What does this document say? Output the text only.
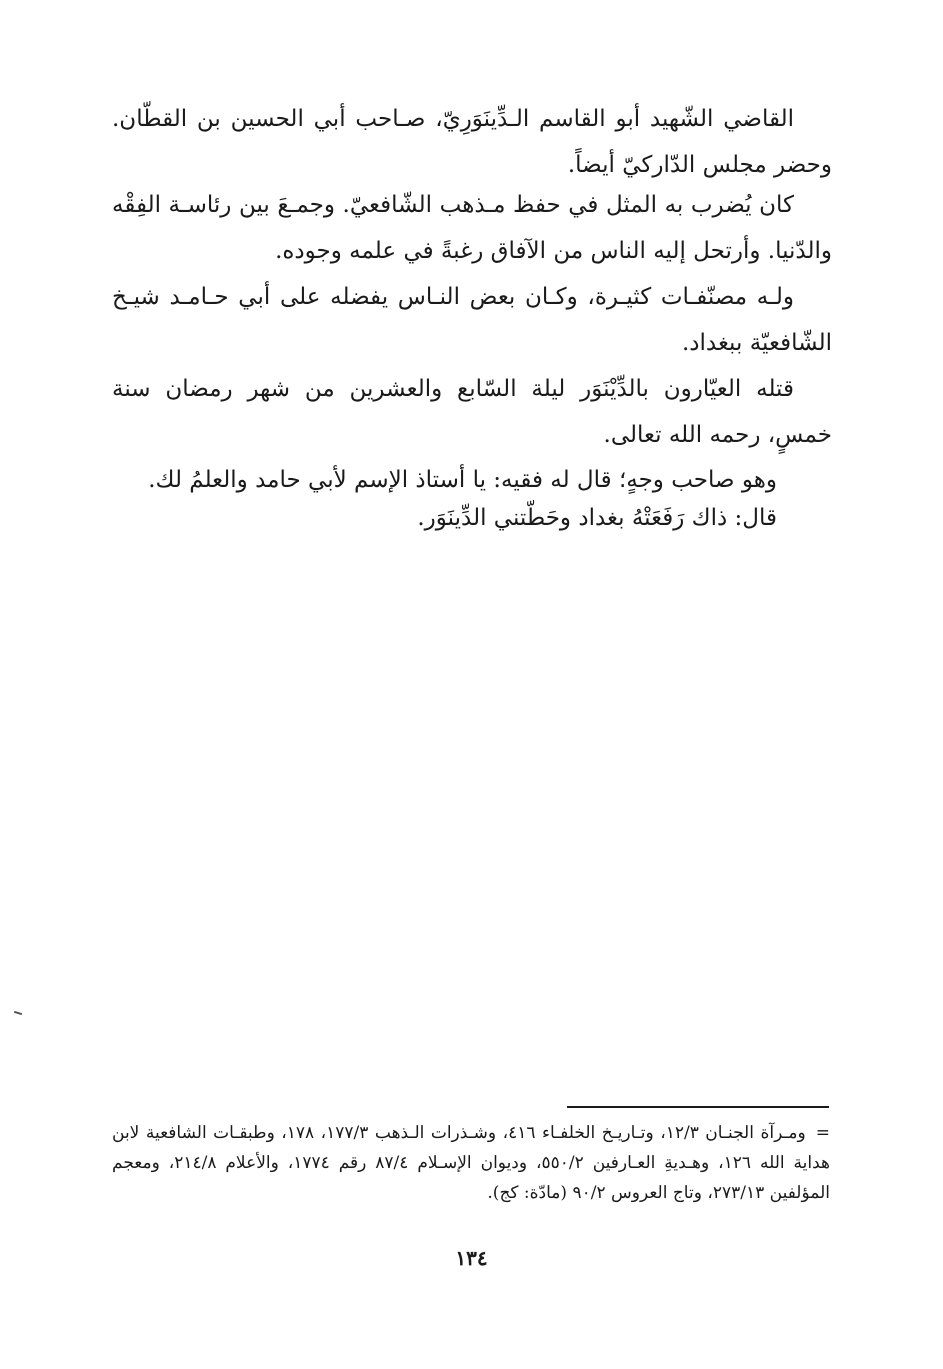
القاضي الشّهيد أبو القاسم الـدِّينَوَرِيّ، صـاحب أبي الحسين بن القطّان. وحضر مجلس الدّاركيّ أيضاً.

كان يُضرب به المثل في حفظ مـذهب الشّافعيّ. وجمـعَ بين رئاسـة الفِقْه والدّنيا. وأرتحل إليه الناس من الآفاق رغبةً في علمه وجوده.

ولـه مصنّفـات كثيـرة، وكـان بعض النـاس يفضله على أبي حـامـد شيـخ الشّافعيّة ببغداد.

قتله العيّارون بالدِّيْنَوَر ليلة السّابع والعشرين من شهر رمضان سنة خمسٍ، رحمه الله تعالى.

وهو صاحب وجهٍ؛ قال له فقيه: يا أستاذ الإسم لأبي حامد والعلمُ لك.
قال: ذاك رَفَعَتْهُ بغداد وحَطّتني الدِّينَوَر.
=ومـرآة الجنـان ١٢/٣، وتـاريـخ الخلفـاء ٤١٦، وشـذرات الـذهب ١٧٧/٣، ١٧٨، وطبقـات الشافعية لابن هداية الله ١٢٦، وهـديةِ العـارفين ٥٥٠/٢، وديوان الإسـلام ٨٧/٤ رقم ١٧٧٤، والأعلام ٢١٤/٨، ومعجم المؤلفين ٢٧٣/١٣، وتاج العروس ٩٠/٢ (مادّة: كج).
١٣٤
